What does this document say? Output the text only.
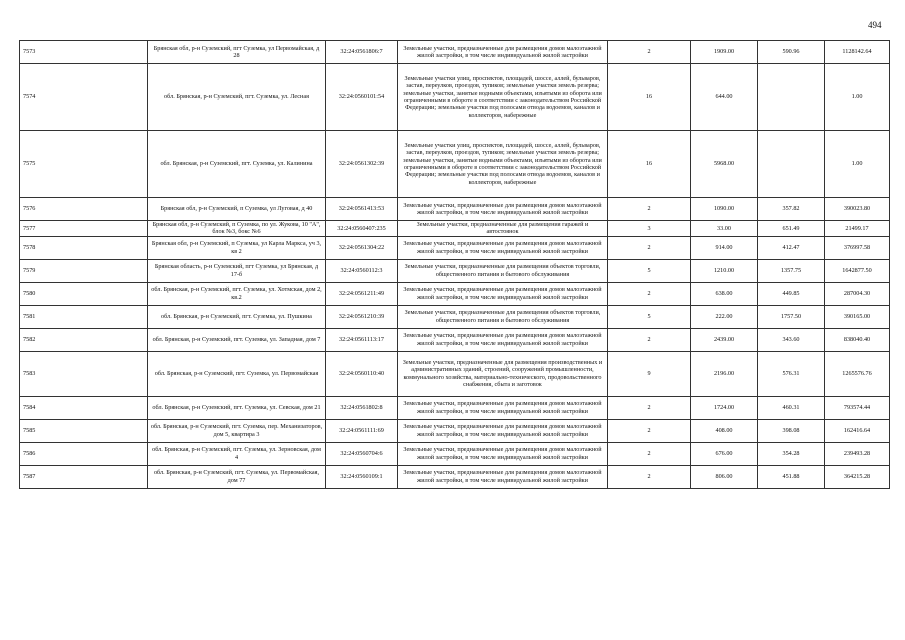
494
7573	Брянская обл, р-н Суземский, пгт Суземка, ул Первомайская, д 28	32:24:0561806:7	Земельные участки, предназначенные для размещения домов малоэтажной жилой застройки, в том числе индивидуальной жилой застройки	2	1909.00	590.96	1128142.64
7574	обл. Брянская, р-н Суземский, пгт. Суземка, ул. Лесная	32:24:0560101:54	Земельные участки улиц, проспектов, площадей, шоссе, аллей, бульваров, застав, переулков, проездов, тупиков; земельные участки земель резерва; земельные участки, занятые водными объектами, изъятыми из оборота или ограниченными в обороте в соответствии с законодательством Российской Федерации; земельные участки под полосами отвода водоемов, каналов и коллекторов, набережные	16	644.00		1.00
7575	обл. Брянская, р-н Суземский, пгт. Суземка, ул. Калинина	32:24:0561302:39	Земельные участки улиц, проспектов, площадей, шоссе, аллей, бульваров, застав, переулков, проездов, тупиков; земельные участки земель резерва; земельные участки, занятые водными объектами, изъятыми из оборота или ограниченными в обороте в соответствии с законодательством Российской Федерации; земельные участки под полосами отвода водоемов, каналов и коллекторов, набережные	16	5968.00		1.00
7576	Брянская обл, р-н Суземский, п Суземка, ул Луговая, д 40	32:24:0561413:53	Земельные участки, предназначенные для размещения домов малоэтажной жилой застройки, в том числе индивидуальной жилой застройки	2	1090.00	357.82	390023.80
7577	Брянская обл, р-н Суземский, п Суземка, по ул. Жукова, 10 "А", блок №3, бокс №6	32:24:0560407:235	Земельные участки, предназначенные для размещения гаражей и автостоянок	3	33.00	651.49	21499.17
7578	Брянская обл, р-н Суземский, п Суземка, ул Карла Маркса, уч 3, кв 2	32:24:0561304:22	Земельные участки, предназначенные для размещения домов малоэтажной жилой застройки, в том числе индивидуальной жилой застройки	2	914.00	412.47	376997.58
7579	Брянская область, р-н Суземский, пгт Суземка, ул Брянская, д 17-б	32:24:0560112:3	Земельные участки, предназначенные для размещения объектов торговли, общественного питания и бытового обслуживания	5	1210.00	1357.75	1642877.50
7580	обл. Брянская, р-н Суземский, пгт. Суземка, ул. Хотмская, дом 2, кв.2	32:24:0561211:49	Земельные участки, предназначенные для размещения домов малоэтажной жилой застройки, в том числе индивидуальной жилой застройки	2	638.00	449.85	287004.30
7581	обл. Брянская, р-н Суземский, пгт. Суземка, ул. Пушкина	32:24:0561210:39	Земельные участки, предназначенные для размещения объектов торговли, общественного питания и бытового обслуживания	5	222.00	1757.50	390165.00
7582	обл. Брянская, р-н Суземский, пгт. Суземка, ул. Западная, дом 7	32:24:0561113:17	Земельные участки, предназначенные для размещения домов малоэтажной жилой застройки, в том числе индивидуальной жилой застройки	2	2439.00	343.60	838040.40
7583	обл. Брянская, р-н Суземский, пгт. Суземка, ул. Первомайская	32:24:0560110:40	Земельные участки, предназначенные для размещения производственных и административных зданий, строений, сооружений промышленности, коммунального хозяйства, материально-технического, продовольственного снабжения, сбыта и заготовок	9	2196.00	576.31	1265576.76
7584	обл. Брянская, р-н Суземский, пгт. Суземка, ул. Севская, дом 21	32:24:0561802:8	Земельные участки, предназначенные для размещения домов малоэтажной жилой застройки, в том числе индивидуальной жилой застройки	2	1724.00	460.31	793574.44
7585	обл. Брянская, р-н Суземский, пгт. Суземка, пер. Механизаторов, дом 5, квартира 3	32:24:0561111:69	Земельные участки, предназначенные для размещения домов малоэтажной жилой застройки, в том числе индивидуальной жилой застройки	2	408.00	398.08	162416.64
7586	обл. Брянская, р-н Суземский, пгт. Суземка, ул. Зерновская, дом 4	32:24:0560704:6	Земельные участки, предназначенные для размещения домов малоэтажной жилой застройки, в том числе индивидуальной жилой застройки	2	676.00	354.28	239493.28
7587	обл. Брянская, р-н Суземский, пгт. Суземка, ул. Первомайская, дом 77	32:24:0560109:1	Земельные участки, предназначенные для размещения домов малоэтажной жилой застройки, в том числе индивидуальной жилой застройки	2	806.00	451.88	364215.28
